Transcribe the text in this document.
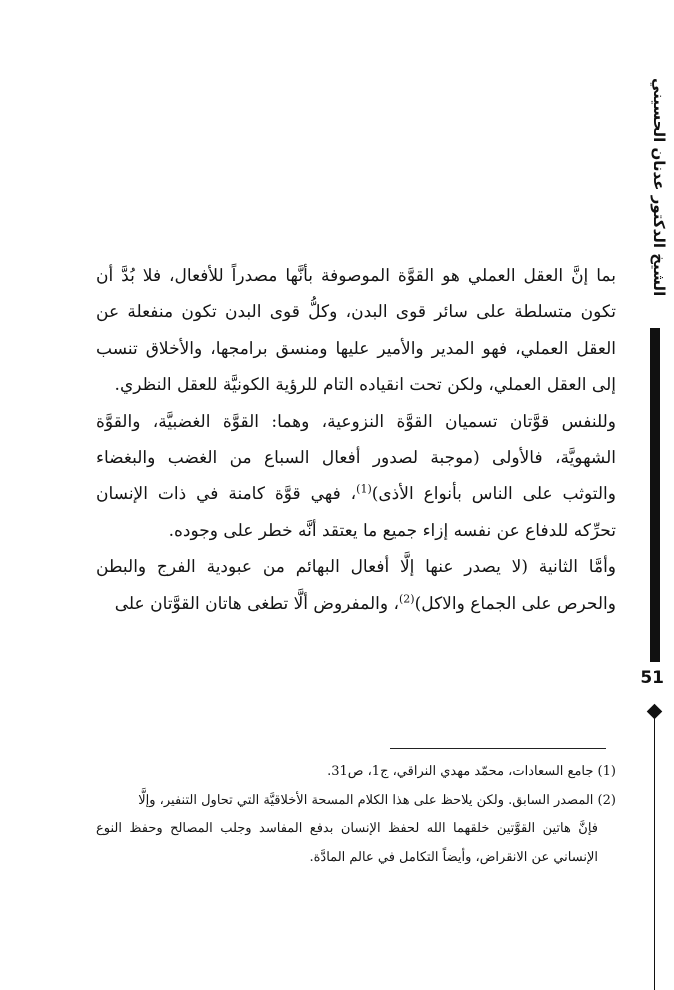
الشيخ الدكتور عدنان الحسيني
51

بما إنَّ العقل العملي هو القوَّة الموصوفة بأنَّها مصدراً للأفعال، فلا بُدَّ أن تكون متسلطة على سائر قوى البدن، وكلُّ قوى البدن تكون منفعلة عن العقل العملي، فهو المدير والأمير عليها ومنسق برامجها، والأخلاق تنسب إلى العقل العملي، ولكن تحت انقياده التام للرؤية الكونيَّة للعقل النظري.

وللنفس قوَّتان تسميان القوَّة النزوعية، وهما: القوَّة الغضبيَّة، والقوَّة الشهويَّة، فالأولى (موجبة لصدور أفعال السباع من الغضب والبغضاء والتوثب على الناس بأنواع الأذى)$^{(1)}$، فهي قوَّة كامنة في ذات الإنسان تحرِّكه للدفاع عن نفسه إزاء جميع ما يعتقد أنَّه خطر على وجوده.

وأمَّا الثانية (لا يصدر عنها إلَّا أفعال البهائم من عبودية الفرج والبطن والحرص على الجماع والاكل)$^{(2)}$، والمفروض ألَّا تطغى هاتان القوَّتان على

(1) جامع السعادات، محمّد مهدي النراقي، ج1، ص31.

(2) المصدر السابق. ولكن يلاحظ على هذا الكلام المسحة الأخلاقيَّة التي تحاول التنفير، وإلَّا

فإنَّ هاتين القوَّتين خلقهما الله لحفظ الإنسان بدفع المفاسد وجلب المصالح وحفظ النوع الإنساني عن الانقراض، وأيضاً التكامل في عالم المادَّة.
